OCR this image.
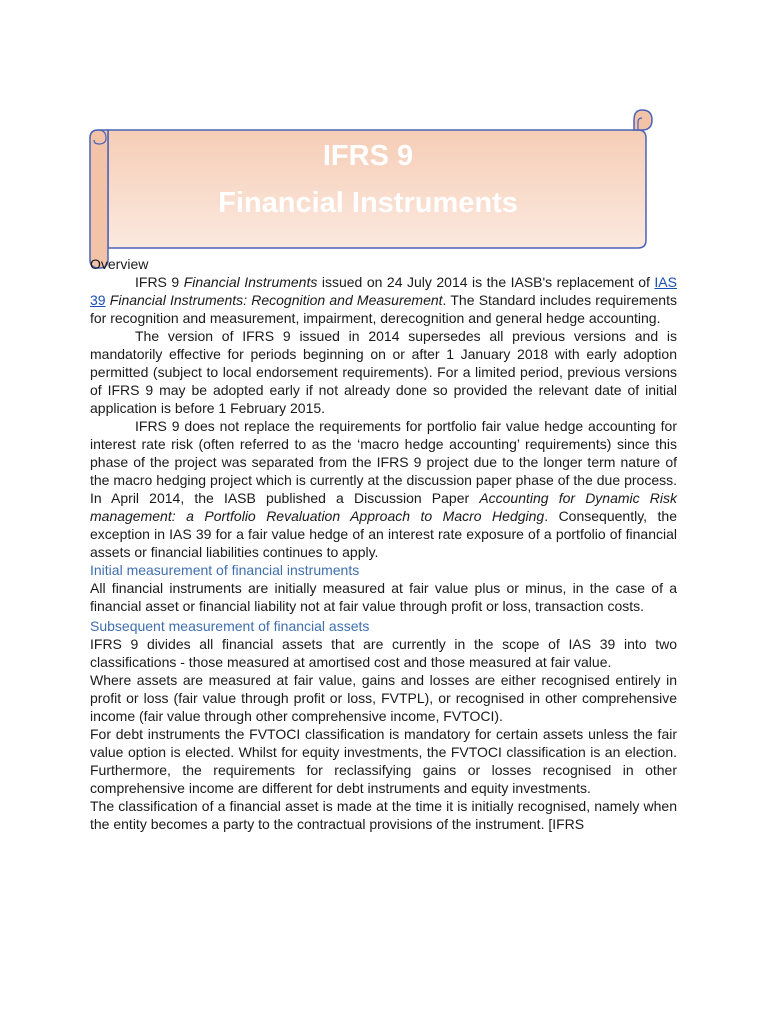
IFRS 9
Financial Instruments

Overview

IFRS 9 Financial Instruments issued on 24 July 2014 is the IASB's replacement of IAS 39 Financial Instruments: Recognition and Measurement. The Standard includes requirements for recognition and measurement, impairment, derecognition and general hedge accounting.

The version of IFRS 9 issued in 2014 supersedes all previous versions and is mandatorily effective for periods beginning on or after 1 January 2018 with early adoption permitted (subject to local endorsement requirements). For a limited period, previous versions of IFRS 9 may be adopted early if not already done so provided the relevant date of initial application is before 1 February 2015.

IFRS 9 does not replace the requirements for portfolio fair value hedge accounting for interest rate risk (often referred to as the ‘macro hedge accounting’ requirements) since this phase of the project was separated from the IFRS 9 project due to the longer term nature of the macro hedging project which is currently at the discussion paper phase of the due process. In April 2014, the IASB published a Discussion Paper Accounting for Dynamic Risk management: a Portfolio Revaluation Approach to Macro Hedging. Consequently, the exception in IAS 39 for a fair value hedge of an interest rate exposure of a portfolio of financial assets or financial liabilities continues to apply.

Initial measurement of financial instruments

All financial instruments are initially measured at fair value plus or minus, in the case of a financial asset or financial liability not at fair value through profit or loss, transaction costs.

Subsequent measurement of financial assets

IFRS 9 divides all financial assets that are currently in the scope of IAS 39 into two classifications - those measured at amortised cost and those measured at fair value.

Where assets are measured at fair value, gains and losses are either recognised entirely in profit or loss (fair value through profit or loss, FVTPL), or recognised in other comprehensive income (fair value through other comprehensive income, FVTOCI).

For debt instruments the FVTOCI classification is mandatory for certain assets unless the fair value option is elected. Whilst for equity investments, the FVTOCI classification is an election. Furthermore, the requirements for reclassifying gains or losses recognised in other comprehensive income are different for debt instruments and equity investments.

The classification of a financial asset is made at the time it is initially recognised, namely when the entity becomes a party to the contractual provisions of the instrument. [IFRS
